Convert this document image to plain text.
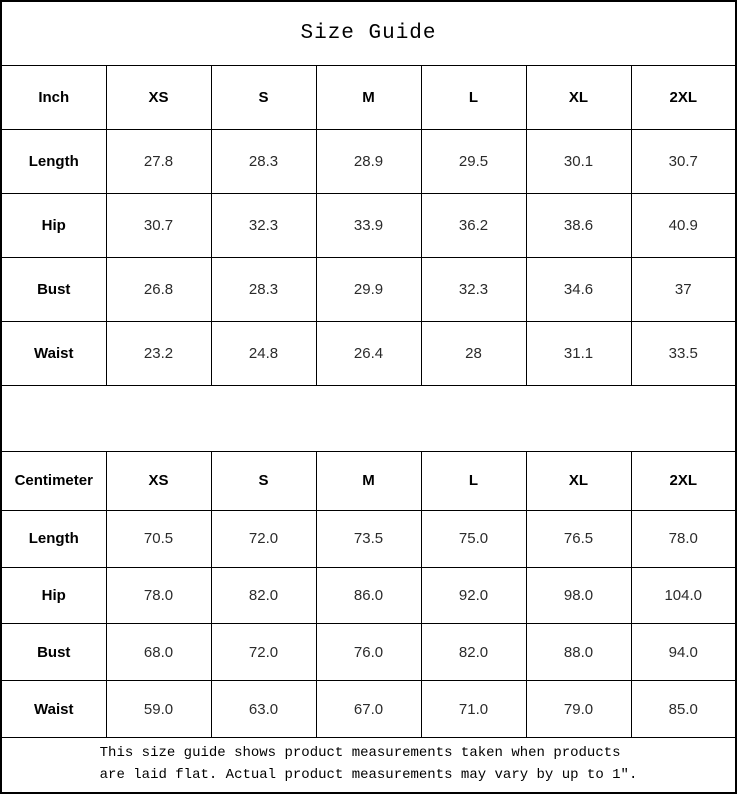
Size Guide						
Inch	XS	S	M	L	XL	2XL
Length	27.8	28.3	28.9	29.5	30.1	30.7
Hip	30.7	32.3	33.9	36.2	38.6	40.9
Bust	26.8	28.3	29.9	32.3	34.6	37
Waist	23.2	24.8	26.4	28	31.1	33.5

Centimeter	XS	S	M	L	XL	2XL
Length	70.5	72.0	73.5	75.0	76.5	78.0
Hip	78.0	82.0	86.0	92.0	98.0	104.0
Bust	68.0	72.0	76.0	82.0	88.0	94.0
Waist	59.0	63.0	67.0	71.0	79.0	85.0
This size guide shows product measurements taken when products
are laid flat. Actual product measurements may vary by up to 1″.						
